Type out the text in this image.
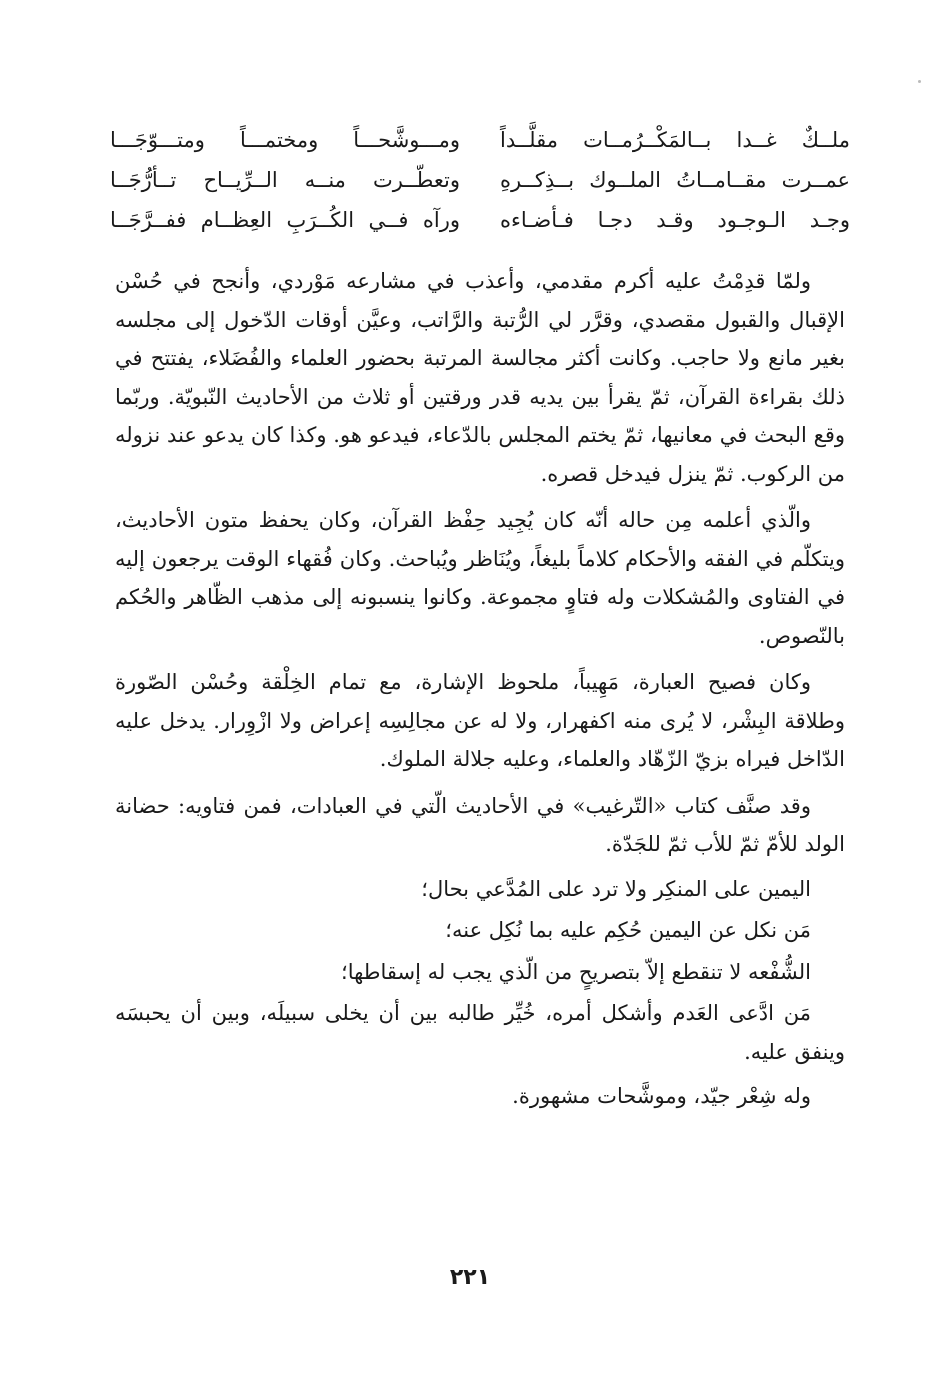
ملــكٌ غــدا بــالمَكْــرُمــات مقلَّــداً
ومـــوشَّحـــاً ومختمـــاً ومتـــوّجَـــا
عمــرت مقــامــاتُ الملــوك بــذِكــرهِ
وتعطّــرت منــه الــرِّيــاح تــأرُّجَــا
وجـد الـوجـود وقـد دجـا فـأضـاءه
ورآه فــي الكُــرَبِ العِظــام ففــرَّجَــا

ولمّا قدِمْتُ عليه أكرم مقدمي، وأعذب في مشارعه مَوْردي، وأنجح في حُسْن الإقبال والقبول مقصدي، وقرَّر لي الرُّتبة والرَّاتب، وعيَّن أوقات الدّخول إلى مجلسه بغير مانع ولا حاجب. وكانت أكثر مجالسة المرتبة بحضور العلماء والفُضَلاء، يفتتح في ذلك بقراءة القرآن، ثمّ يقرأ بين يديه قدر ورقتين أو ثلاث من الأحاديث النّبويّة. وربّما وقع البحث في معانيها، ثمّ يختم المجلس بالدّعاء، فيدعو هو. وكذا كان يدعو عند نزوله من الركوب. ثمّ ينزل فيدخل قصره.

والّذي أعلمه مِن حاله أنّه كان يُجِيد حِفْظ القرآن، وكان يحفظ متون الأحاديث، ويتكلّم في الفقه والأحكام كلاماً بليغاً، ويُنَاظر ويُباحث. وكان فُقهاء الوقت يرجعون إليه في الفتاوى والمُشكلات وله فتاوٍ مجموعة. وكانوا ينسبونه إلى مذهب الظّاهر والحُكم بالنّصوص.

وكان فصيح العبارة، مَهِيباً، ملحوظ الإشارة، مع تمام الخِلْقة وحُسْن الصّورة وطلاقة البِشْر، لا يُرى منه اكفهرار، ولا له عن مجالِسِه إعراض ولا ازْوِرار. يدخل عليه الدّاخل فيراه بزيّ الزّهّاد والعلماء، وعليه جلالة الملوك.

وقد صنَّف كتاب «التّرغيب» في الأحاديث الّتي في العبادات، فمن فتاويه: حضانة الولد للأمّ ثمّ للأب ثمّ للجَدّة.

اليمين على المنكِر ولا ترد على المُدَّعي بحال؛
مَن نكل عن اليمين حُكِم عليه بما نُكِل عنه؛
الشُّفْعه لا تنقطع إلاّ بتصريحٍ من الّذي يجب له إسقاطها؛
مَن ادَّعى العَدم وأشكل أمره، خُيِّر طالبه بين أن يخلى سبيلَه، وبين أن يحبسَه وينفق عليه.
وله شِعْر جيّد، وموشَّحات مشهورة.
٢٢١
